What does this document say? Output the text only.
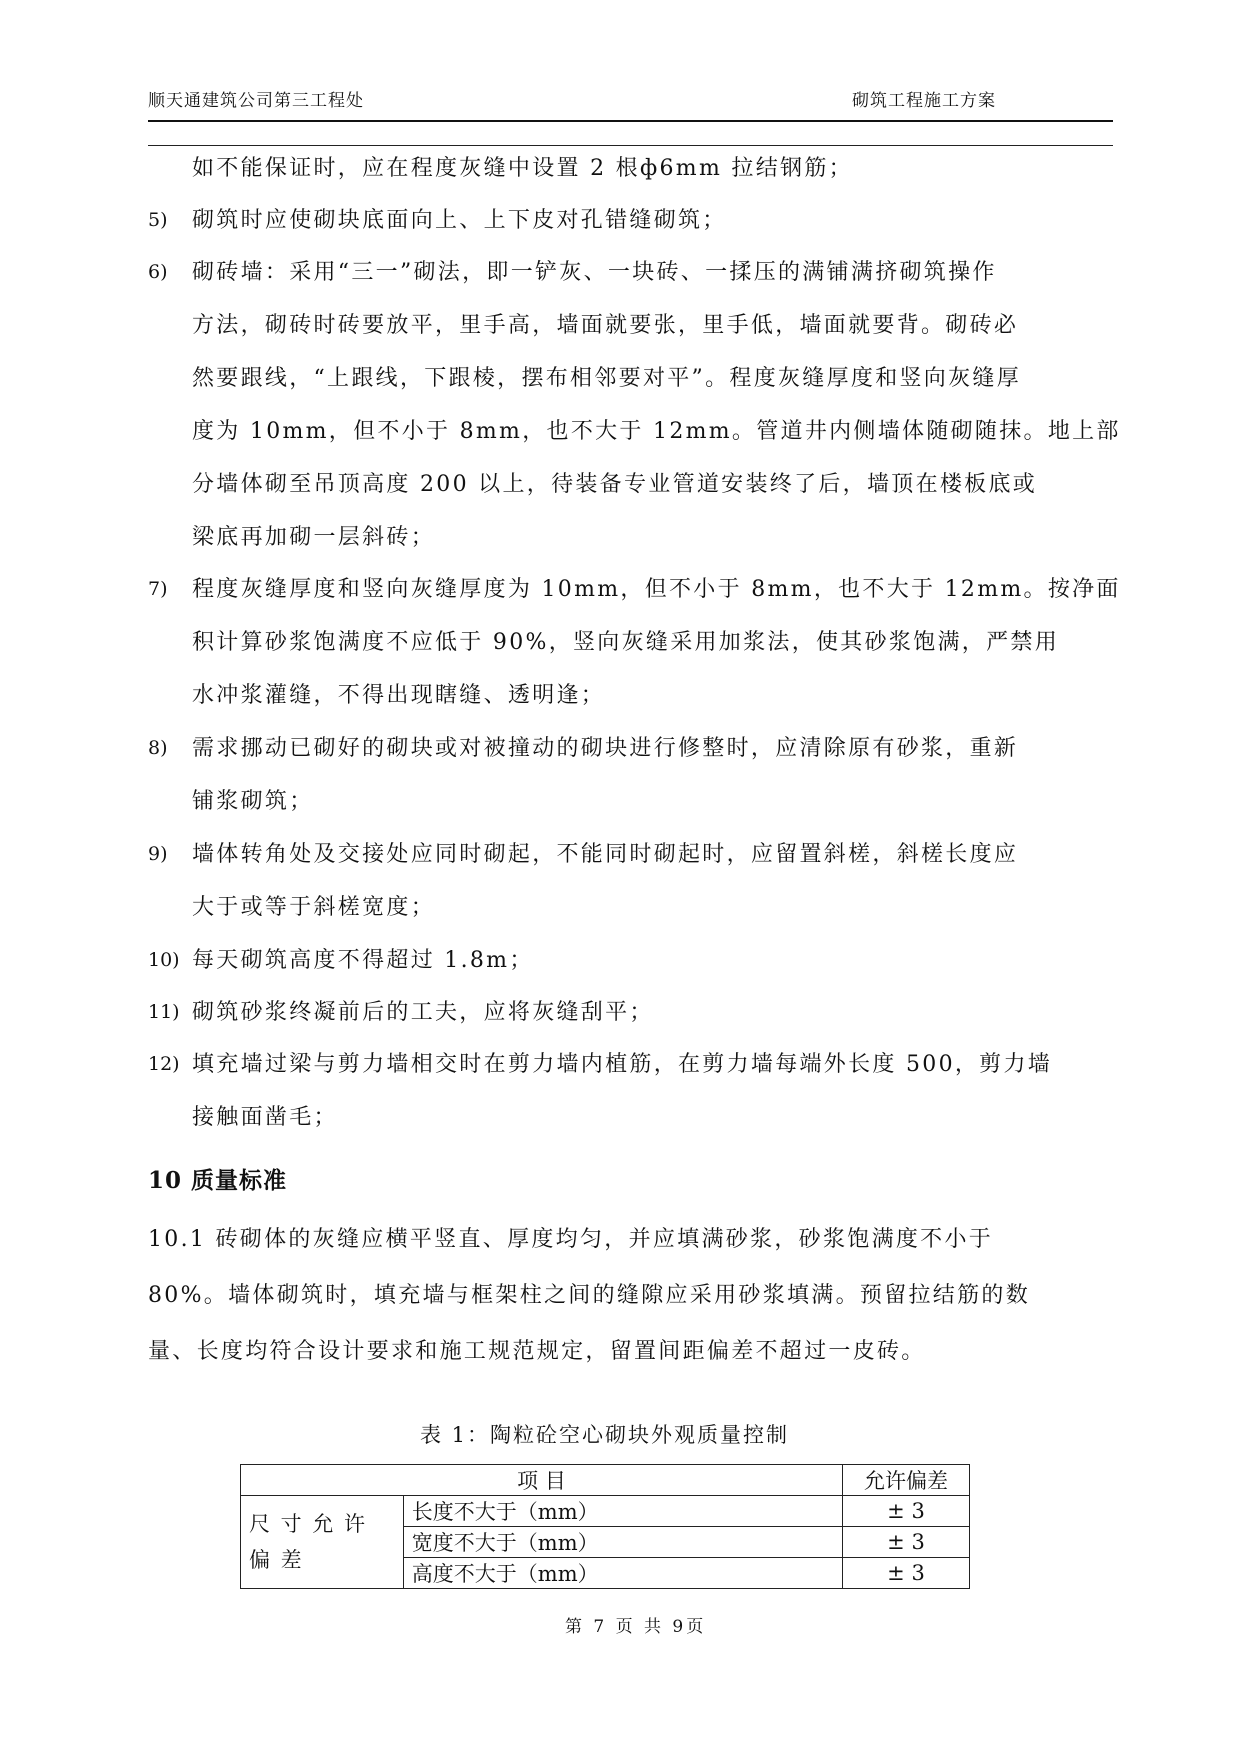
顺天通建筑公司第三工程处	砌筑工程施工方案
如不能保证时，应在程度灰缝中设置 2 根ф6mm 拉结钢筋；
5) 砌筑时应使砌块底面向上、上下皮对孔错缝砌筑；
6) 砌砖墙：采用“三一”砌法，即一铲灰、一块砖、一揉压的满铺满挤砌筑操作
方法，砌砖时砖要放平，里手高，墙面就要张，里手低，墙面就要背。砌砖必
然要跟线，“上跟线，下跟棱，摆布相邻要对平”。程度灰缝厚度和竖向灰缝厚
度为 10mm，但不小于 8mm，也不大于 12mm。管道井内侧墙体随砌随抹。地上部
分墙体砌至吊顶高度 200 以上，待装备专业管道安装终了后，墙顶在楼板底或
梁底再加砌一层斜砖；
7) 程度灰缝厚度和竖向灰缝厚度为 10mm，但不小于 8mm，也不大于 12mm。按净面
积计算砂浆饱满度不应低于 90%，竖向灰缝采用加浆法，使其砂浆饱满，严禁用
水冲浆灌缝，不得出现瞎缝、透明逢；
8) 需求挪动已砌好的砌块或对被撞动的砌块进行修整时，应清除原有砂浆，重新
铺浆砌筑；
9) 墙体转角处及交接处应同时砌起，不能同时砌起时，应留置斜槎，斜槎长度应
大于或等于斜槎宽度；
10) 每天砌筑高度不得超过 1.8m；
11) 砌筑砂浆终凝前后的工夫，应将灰缝刮平；
12) 填充墙过梁与剪力墙相交时在剪力墙内植筋，在剪力墙每端外长度 500，剪力墙
接触面凿毛；
10 质量标准
10.1 砖砌体的灰缝应横平竖直、厚度均匀，并应填满砂浆，砂浆饱满度不小于
80%。墙体砌筑时，填充墙与框架柱之间的缝隙应采用砂浆填满。预留拉结筋的数
量、长度均符合设计要求和施工规范规定，留置间距偏差不超过一皮砖。
表 1：陶粒砼空心砌块外观质量控制
项 目		允许偏差
尺 寸 允 许 偏 差	长度不大于（mm）	± 3
	宽度不大于（mm）	± 3
	高度不大于（mm）	± 3
第 7 页 共 9页
